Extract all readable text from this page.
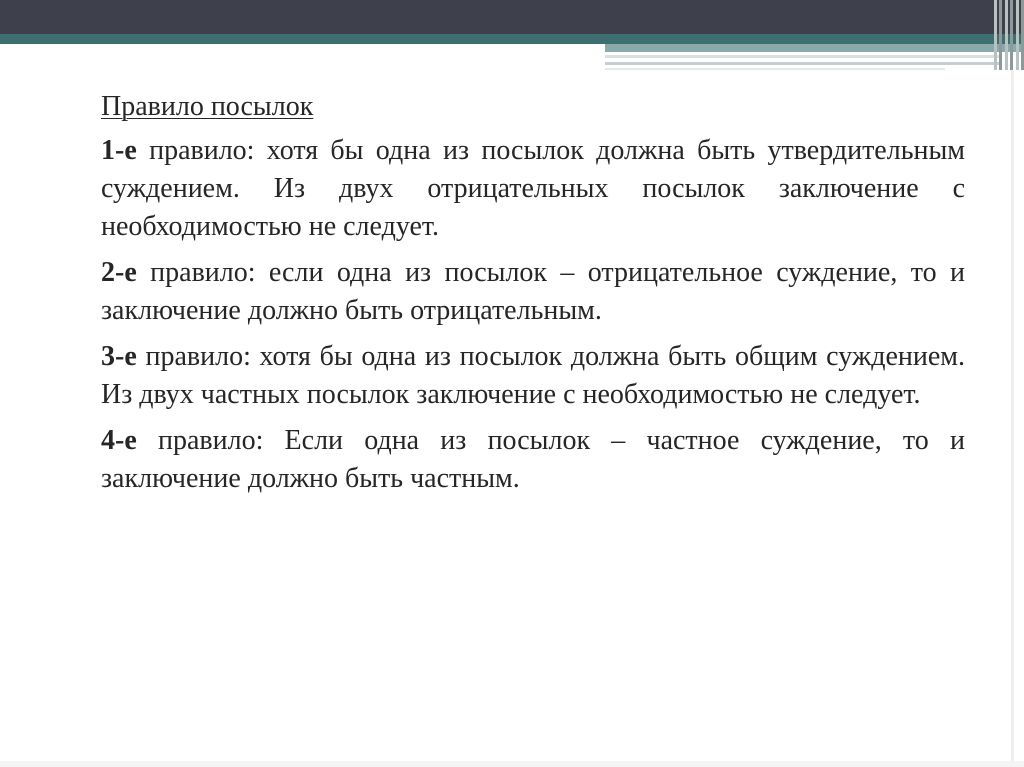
Правило посылок

1-е правило: хотя бы одна из посылок должна быть утвердительным суждением. Из двух отрицательных посылок заключение с необходимостью не следует.

2-е правило: если одна из посылок – отрицательное суждение, то и заключение должно быть отрицательным.

3-е правило: хотя бы одна из посылок должна быть общим суждением. Из двух частных посылок заключение с необходимостью не следует.

4-е правило: Если одна из посылок – частное суждение, то и заключение должно быть частным.
